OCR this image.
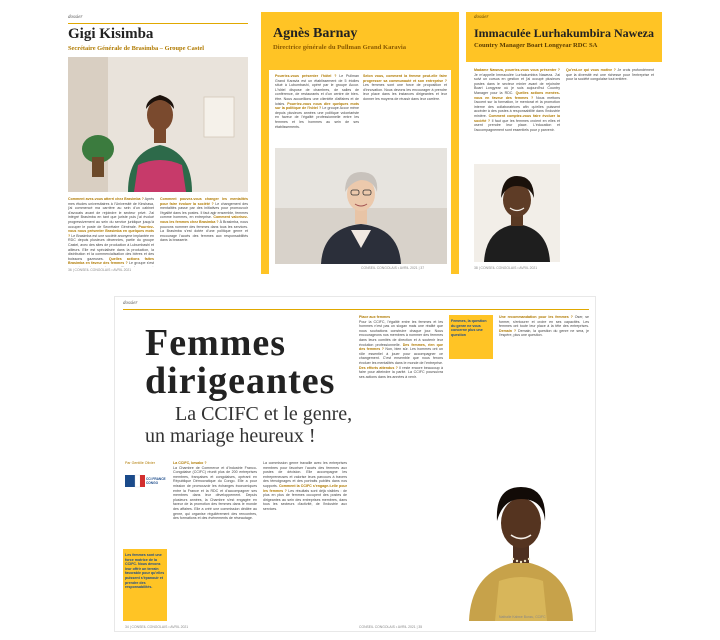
dossier
Gigi Kisimba
Secrétaire Générale de Brasimba – Groupe Castel
Comment avez-vous atterri chez Brasimba ? Après mes études universitaires à l'Université de Kinshasa, j'ai commencé ma carrière au sein d'un cabinet d'avocats avant de rejoindre le secteur privé. J'ai intégré Brasimba en tant que juriste puis j'ai évolué progressivement au sein du service juridique jusqu'à occuper le poste de Secrétaire Générale. Pourriez-vous nous présenter Brasimba en quelques mots ? Le Brasimba est une société anonyme implantée en RDC depuis plusieurs décennies, partie du groupe Castel, avec des sites de production à Lubumbashi et ailleurs. Elle est spécialisée dans la production, la distribution et la commercialisation des bières et des boissons gazeuses. Quelles actions faites Brasimba en faveur des femmes ? Le groupe s'est
Comment pouvez-vous changer les mentalités pour faire évoluer la société ? Le changement des mentalités passe par des initiatives pour promouvoir l'égalité dans les postes. Il faut agir ensemble, femmes comme hommes, en entreprise. Comment valorisez-vous les femmes chez Brasimba ? À Brasimba, nous pouvons nommer des femmes dans tous les services. La Brasimba s'est dotée d'une politique genre et encourage l'accès des femmes aux responsabilités dans la brasserie.
36 | CONSEIL CONGOLAIS • AVRIL 2021
Agnès Barnay
Directrice générale du Pullman Grand Karavia
Pourriez-vous présenter l'hôtel ? Le Pullman Grand Karavia est un établissement de 5 étoiles situé à Lubumbashi, opéré par le groupe Accor. L'hôtel dispose de chambres, de salles de conférence, de restaurants et d'un centre de bien-être. Nous accueillons une clientèle d'affaires et de loisirs. Pourriez-vous nous dire quelques mots sur la politique de l'hôtel ? Le groupe Accor mène depuis plusieurs années une politique volontariste en faveur de l'égalité professionnelle entre les femmes et les hommes au sein de ses établissements.
Selon vous, comment la femme peut-elle faire progresser sa communauté et son entreprise ? Les femmes sont une force de proposition et d'innovation. Nous devons les encourager à prendre leur place dans les instances dirigeantes et leur donner les moyens de réussir dans leur carrière.
CONSEIL CONGOLAIS • AVRIL 2021 | 37
dossier
Immaculée Lurhakumbira Naweza
Country Manager Boart Longyear RDC SA
Madame Naweza, pourriez-vous vous présenter ? Je m'appelle Immaculée Lurhakumbira Naweza. J'ai suivi un cursus en gestion et j'ai occupé plusieurs postes dans le secteur minier avant de rejoindre Boart Longyear où je suis aujourd'hui Country Manager pour la RDC. Quelles actions menées-vous en faveur des femmes ? Nous mettons l'accent sur la formation, le mentorat et la promotion interne des collaboratrices afin qu'elles puissent accéder à des postes à responsabilité dans l'industrie minière. Comment comptez-vous faire évoluer la société ? Il faut que les femmes croient en elles et osent prendre leur place. L'éducation et l'accompagnement sont essentiels pour y parvenir.
Qu'est-ce qui vous motive ? Je crois profondément que la diversité est une richesse pour l'entreprise et pour la société congolaise tout entière.
38 | CONSEIL CONGOLAIS • AVRIL 2021
dossier
Femmes
dirigeantes
La CCIFC et le genre,
un mariage heureux !
Par Gentille Olivier
CCI FRANCE CONGO
Les femmes sont une force motrice de la CCIFC. Nous devons leur offrir un terrain favorable pour qu'elles puissent s'épanouir et prendre des responsabilités.
La CCIFC, kesako ?
La Chambre de Commerce et d'Industrie Franco-Congolaise (CCIFC) réunit plus de 200 entreprises membres, françaises et congolaises, opérant en République Démocratique du Congo. Elle a pour mission de promouvoir les échanges économiques entre la France et la RDC et d'accompagner ses membres dans leur développement. Depuis plusieurs années, la Chambre s'est engagée en faveur de la promotion des femmes dans le monde des affaires. Elle a créé une commission dédiée au genre, qui organise régulièrement des rencontres, des formations et des événements de réseautage.
La commission genre travaille avec les entreprises membres pour favoriser l'accès des femmes aux postes de décision. Elle accompagne les entrepreneuses et valorise leurs parcours à travers des témoignages et des portraits publiés dans nos supports. Comment la CCIFC s'engage-t-elle pour les femmes ? Les résultats sont déjà visibles : de plus en plus de femmes occupent des postes de dirigeantes au sein des entreprises membres, dans tous les secteurs d'activité, de l'industrie aux services.
Place aux femmes
Pour la CCIFC, l'égalité entre les femmes et les hommes n'est pas un slogan mais une réalité que nous souhaitons construire chaque jour. Nous encourageons nos membres à nommer des femmes dans leurs comités de direction et à soutenir leur évolution professionnelle. Des femmes, rien que des femmes ? Non, bien sûr. Les hommes ont un rôle essentiel à jouer pour accompagner ce changement. C'est ensemble que nous ferons évoluer les mentalités dans le monde de l'entreprise. Des efforts attendus ? Il reste encore beaucoup à faire pour atteindre la parité. La CCIFC poursuivra ses actions dans les années à venir.
Femmes, la question du genre ne vous concerne plus une question
Une recommandation pour les femmes ? Oser, se former, s'entourer et croire en ses capacités. Les femmes ont toute leur place à la tête des entreprises. Demain ? Demain, la question du genre ne sera, je l'espère, plus une question.
Nathalie Kabwe Bunzu, CCIFC
34 | CONSEIL CONGOLAIS • AVRIL 2021	CONSEIL CONGOLAIS • AVRIL 2021 | 35
